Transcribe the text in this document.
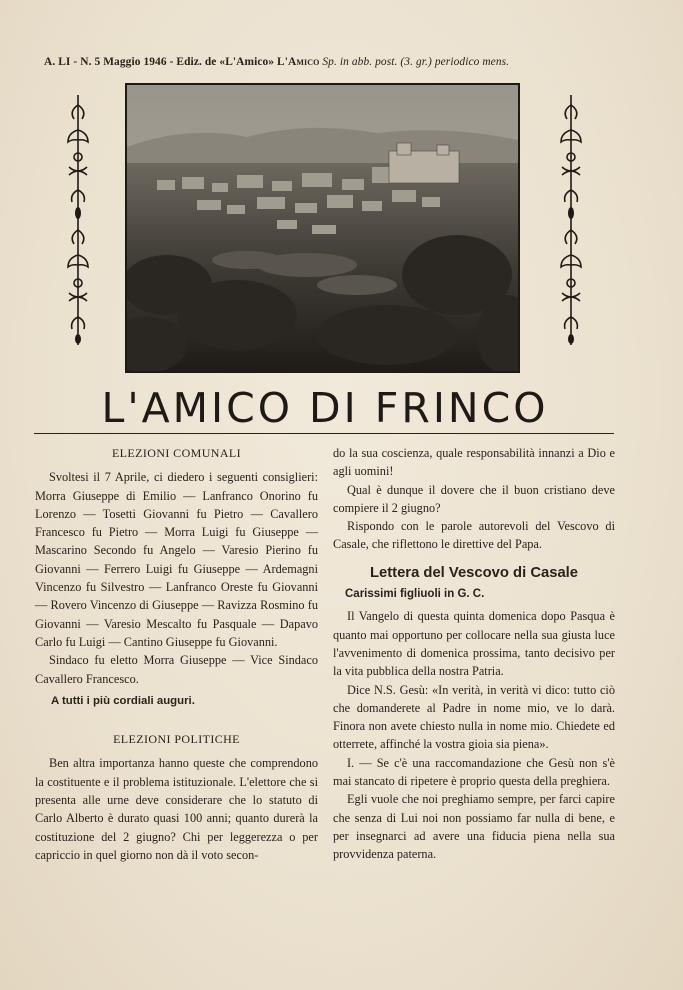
A. LI - N. 5 Maggio 1946 - Ediz. de «L'Amico» L'Amico Sp. in abb. post. (3. gr.) periodico mens.
L'AMICO DI FRINCO
ELEZIONI COMUNALI

Svoltesi il 7 Aprile, ci diedero i seguenti consiglieri: Morra Giuseppe di Emilio — Lanfranco Onorino fu Lorenzo — Tosetti Giovanni fu Pietro — Cavallero Francesco fu Pietro — Morra Luigi fu Giuseppe — Mascarino Secondo fu Angelo — Varesio Pierino fu Giovanni — Ferrero Luigi fu Giuseppe — Ardemagni Vincenzo fu Silvestro — Lanfranco Oreste fu Giovanni — Rovero Vincenzo di Giuseppe — Ravizza Rosmino fu Giovanni — Varesio Mescalto fu Pasquale — Dapavo Carlo fu Luigi — Cantino Giuseppe fu Giovanni.

Sindaco fu eletto Morra Giuseppe — Vice Sindaco Cavallero Francesco.

A tutti i più cordiali auguri.
ELEZIONI POLITICHE

Ben altra importanza hanno queste che comprendono la costituente e il problema istituzionale. L'elettore che si presenta alle urne deve considerare che lo statuto di Carlo Alberto è durato quasi 100 anni; quanto durerà la costituzione del 2 giugno? Chi per leggerezza o per capriccio in quel giorno non dà il voto secon-

do la sua coscienza, quale responsabilità innanzi a Dio e agli uomini!

Qual è dunque il dovere che il buon cristiano deve compiere il 2 giugno?

Rispondo con le parole autorevoli del Vescovo di Casale, che riflettono le direttive del Papa.

Lettera del Vescovo di Casale
Carissimi figliuoli in G. C.

Il Vangelo di questa quinta domenica dopo Pasqua è quanto mai opportuno per collocare nella sua giusta luce l'avvenimento di domenica prossima, tanto decisivo per la vita pubblica della nostra Patria.

Dice N.S. Gesù: «In verità, in verità vi dico: tutto ciò che domanderete al Padre in nome mio, ve lo darà. Finora non avete chiesto nulla in nome mio. Chiedete ed otterrete, affinché la vostra gioia sia piena».

I. — Se c'è una raccomandazione che Gesù non s'è mai stancato di ripetere è proprio questa della preghiera.

Egli vuole che noi preghiamo sempre, per farci capire che senza di Lui noi non possiamo far nulla di bene, e per insegnarci ad avere una fiducia piena nella sua provvidenza paterna.
